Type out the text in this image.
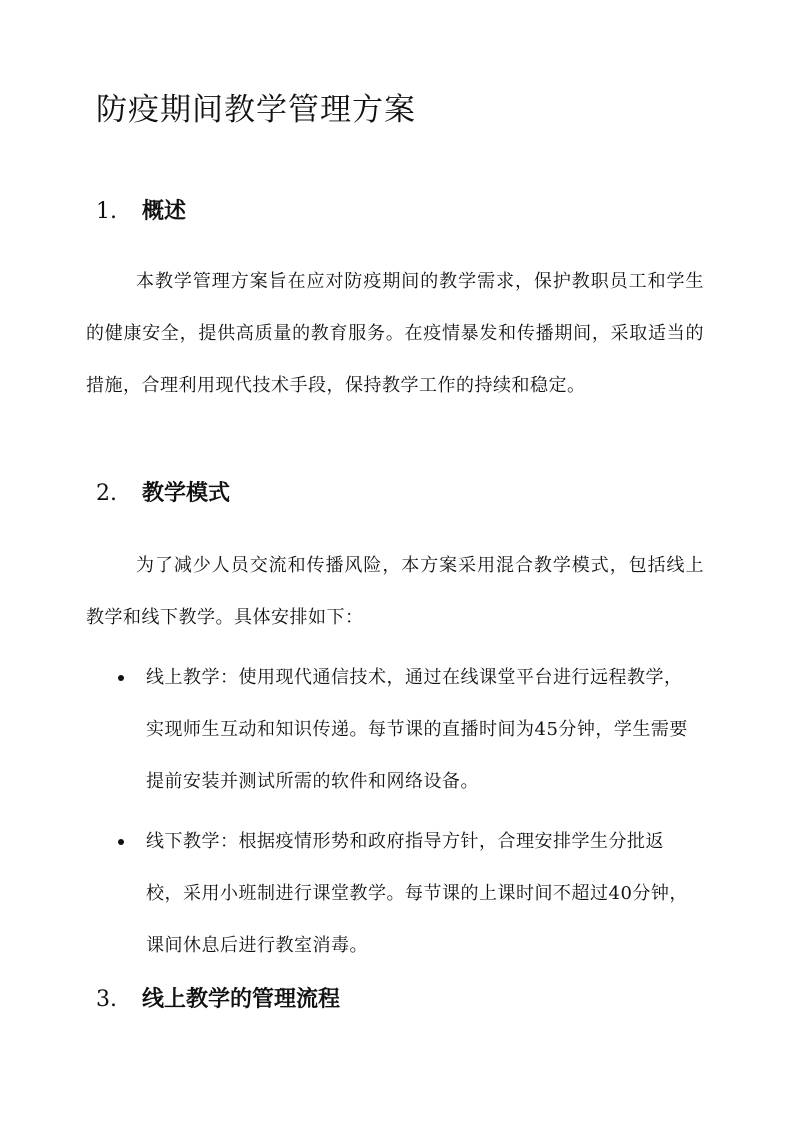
防疫期间教学管理方案
1. 概述

本教学管理方案旨在应对防疫期间的教学需求，保护教职员工和学生的健康安全，提供高质量的教育服务。在疫情暴发和传播期间，采取适当的措施，合理利用现代技术手段，保持教学工作的持续和稳定。

2. 教学模式

为了减少人员交流和传播风险，本方案采用混合教学模式，包括线上教学和线下教学。具体安排如下：

线上教学：使用现代通信技术，通过在线课堂平台进行远程教学，实现师生互动和知识传递。每节课的直播时间为45分钟，学生需要提前安装并测试所需的软件和网络设备。
线下教学：根据疫情形势和政府指导方针，合理安排学生分批返校，采用小班制进行课堂教学。每节课的上课时间不超过40分钟，课间休息后进行教室消毒。
3. 线上教学的管理流程
